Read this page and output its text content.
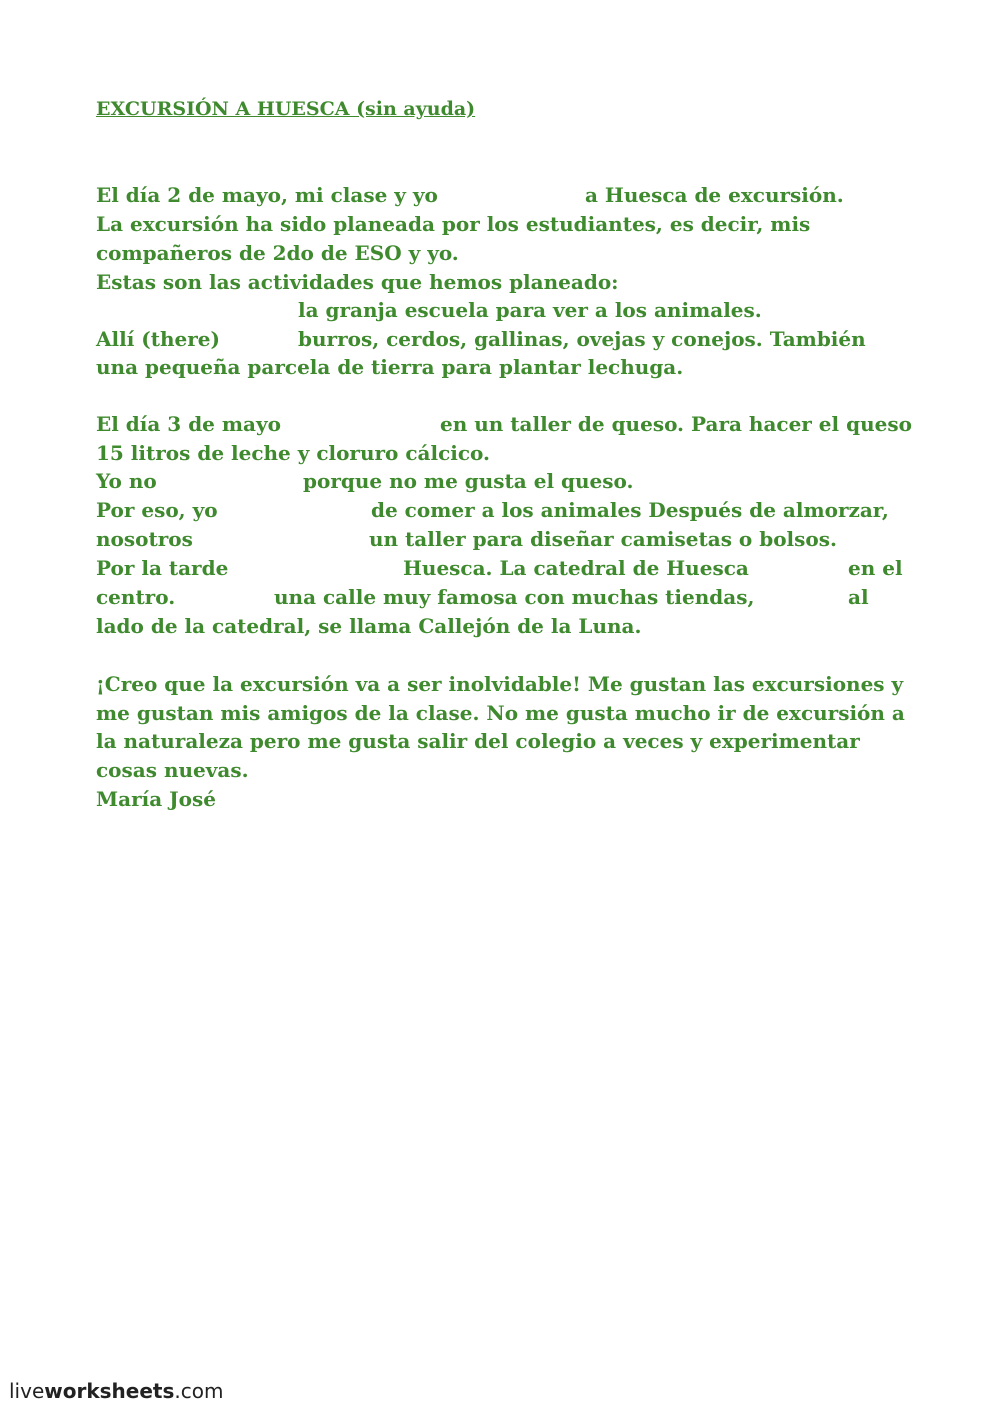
EXCURSIÓN A HUESCA (sin ayuda)
El día 2 de mayo, mi clase y yo	a Huesca de excursión.
La excursión ha sido planeada por los estudiantes, es decir, mis
compañeros de 2do de ESO y yo.
Estas son las actividades que hemos planeado:
la granja escuela para ver a los animales.
Allí (there)	burros, cerdos, gallinas, ovejas y conejos. También
una pequeña parcela de tierra para plantar lechuga.
El día 3 de mayo	en un taller de queso. Para hacer el queso
15 litros de leche y cloruro cálcico.
Yo no	porque no me gusta el queso.
Por eso, yo	de comer a los animales Después de almorzar,
nosotros	un taller para diseñar camisetas o bolsos.
Por la tarde	Huesca. La catedral de Huesca	en el
centro.	una calle muy famosa con muchas tiendas,	al
lado de la catedral, se llama Callejón de la Luna.
¡Creo que la excursión va a ser inolvidable! Me gustan las excursiones y
me gustan mis amigos de la clase. No me gusta mucho ir de excursión a
la naturaleza pero me gusta salir del colegio a veces y experimentar
cosas nuevas.
María José
liveworksheets.com
